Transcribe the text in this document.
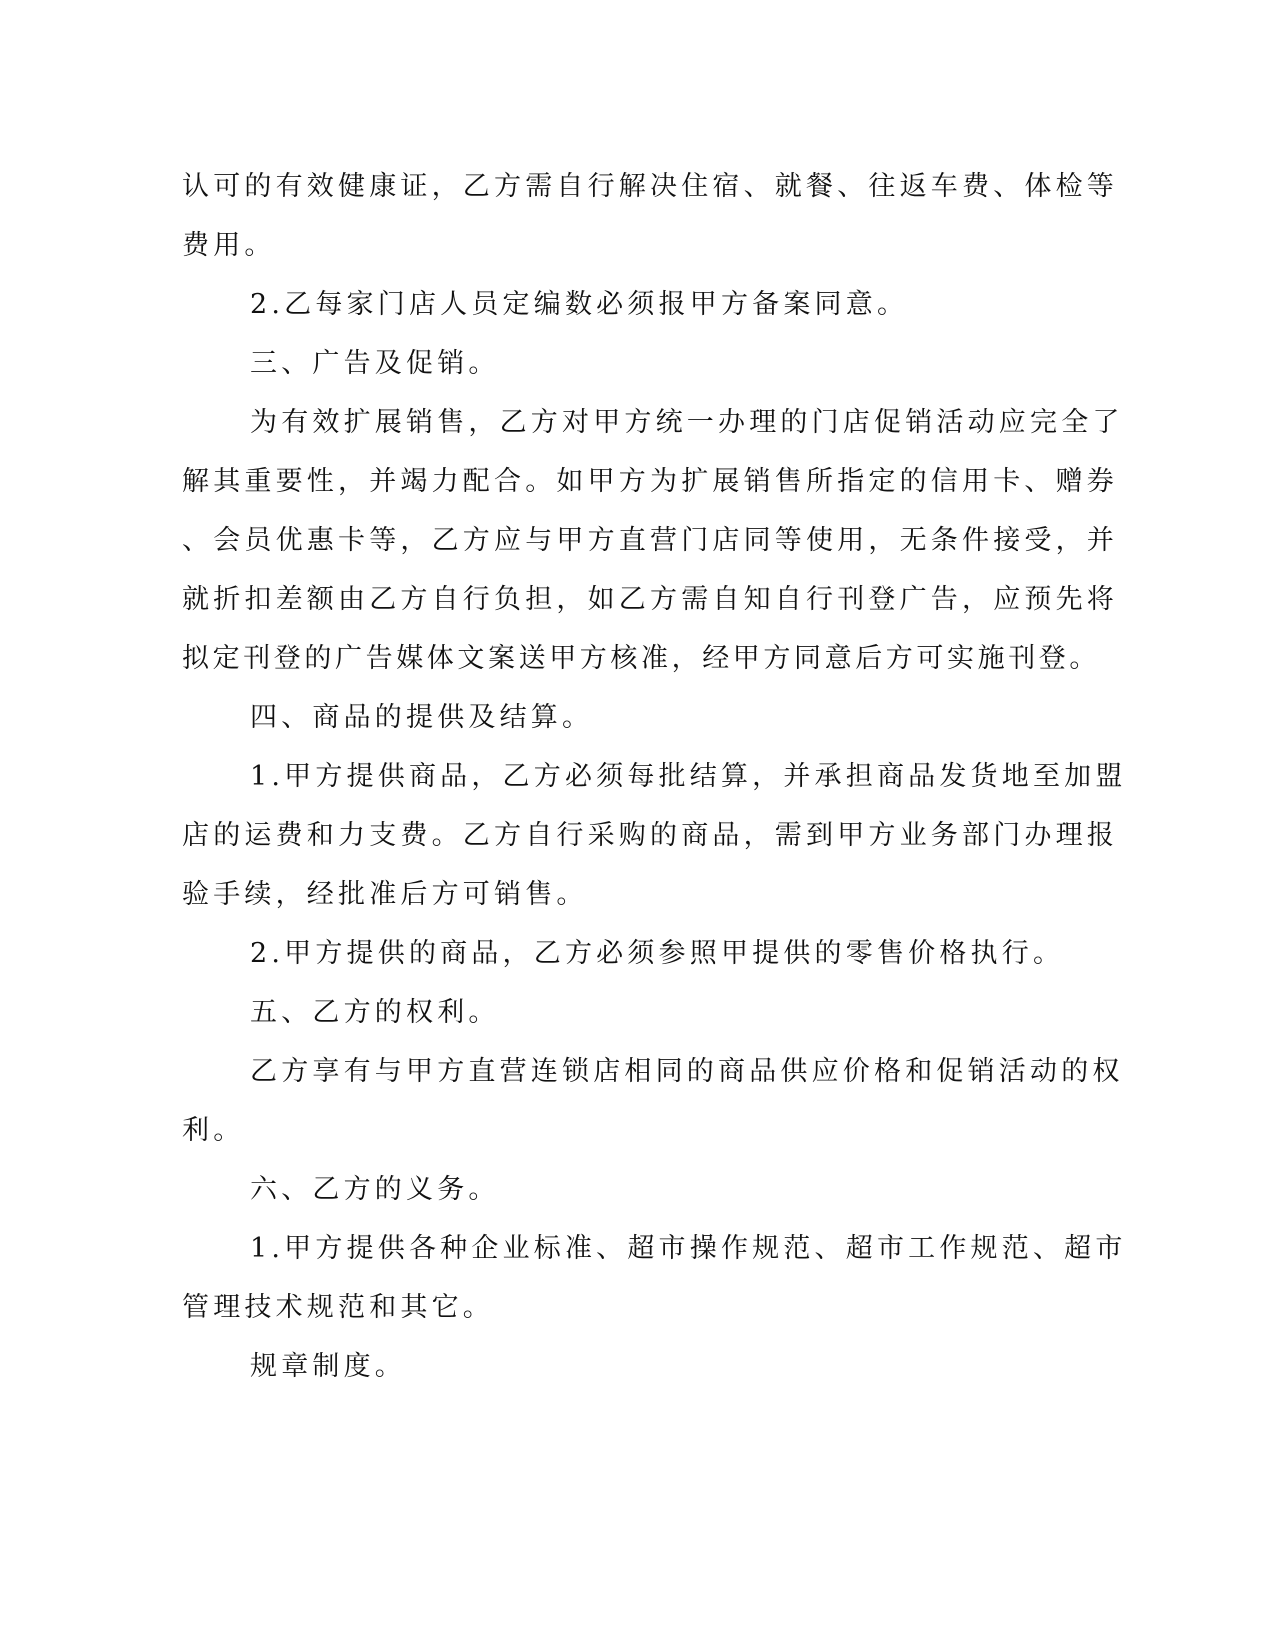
认可的有效健康证，乙方需自行解决住宿、就餐、往返车费、体检等
费用。
2.乙每家门店人员定编数必须报甲方备案同意。
三、广告及促销。
为有效扩展销售，乙方对甲方统一办理的门店促销活动应完全了
解其重要性，并竭力配合。如甲方为扩展销售所指定的信用卡、赠券
、会员优惠卡等，乙方应与甲方直营门店同等使用，无条件接受，并
就折扣差额由乙方自行负担，如乙方需自知自行刊登广告，应预先将
拟定刊登的广告媒体文案送甲方核准，经甲方同意后方可实施刊登。
四、商品的提供及结算。
1.甲方提供商品，乙方必须每批结算，并承担商品发货地至加盟
店的运费和力支费。乙方自行采购的商品，需到甲方业务部门办理报
验手续，经批准后方可销售。
2.甲方提供的商品，乙方必须参照甲提供的零售价格执行。
五、乙方的权利。
乙方享有与甲方直营连锁店相同的商品供应价格和促销活动的权
利。
六、乙方的义务。
1.甲方提供各种企业标准、超市操作规范、超市工作规范、超市
管理技术规范和其它。
规章制度。
